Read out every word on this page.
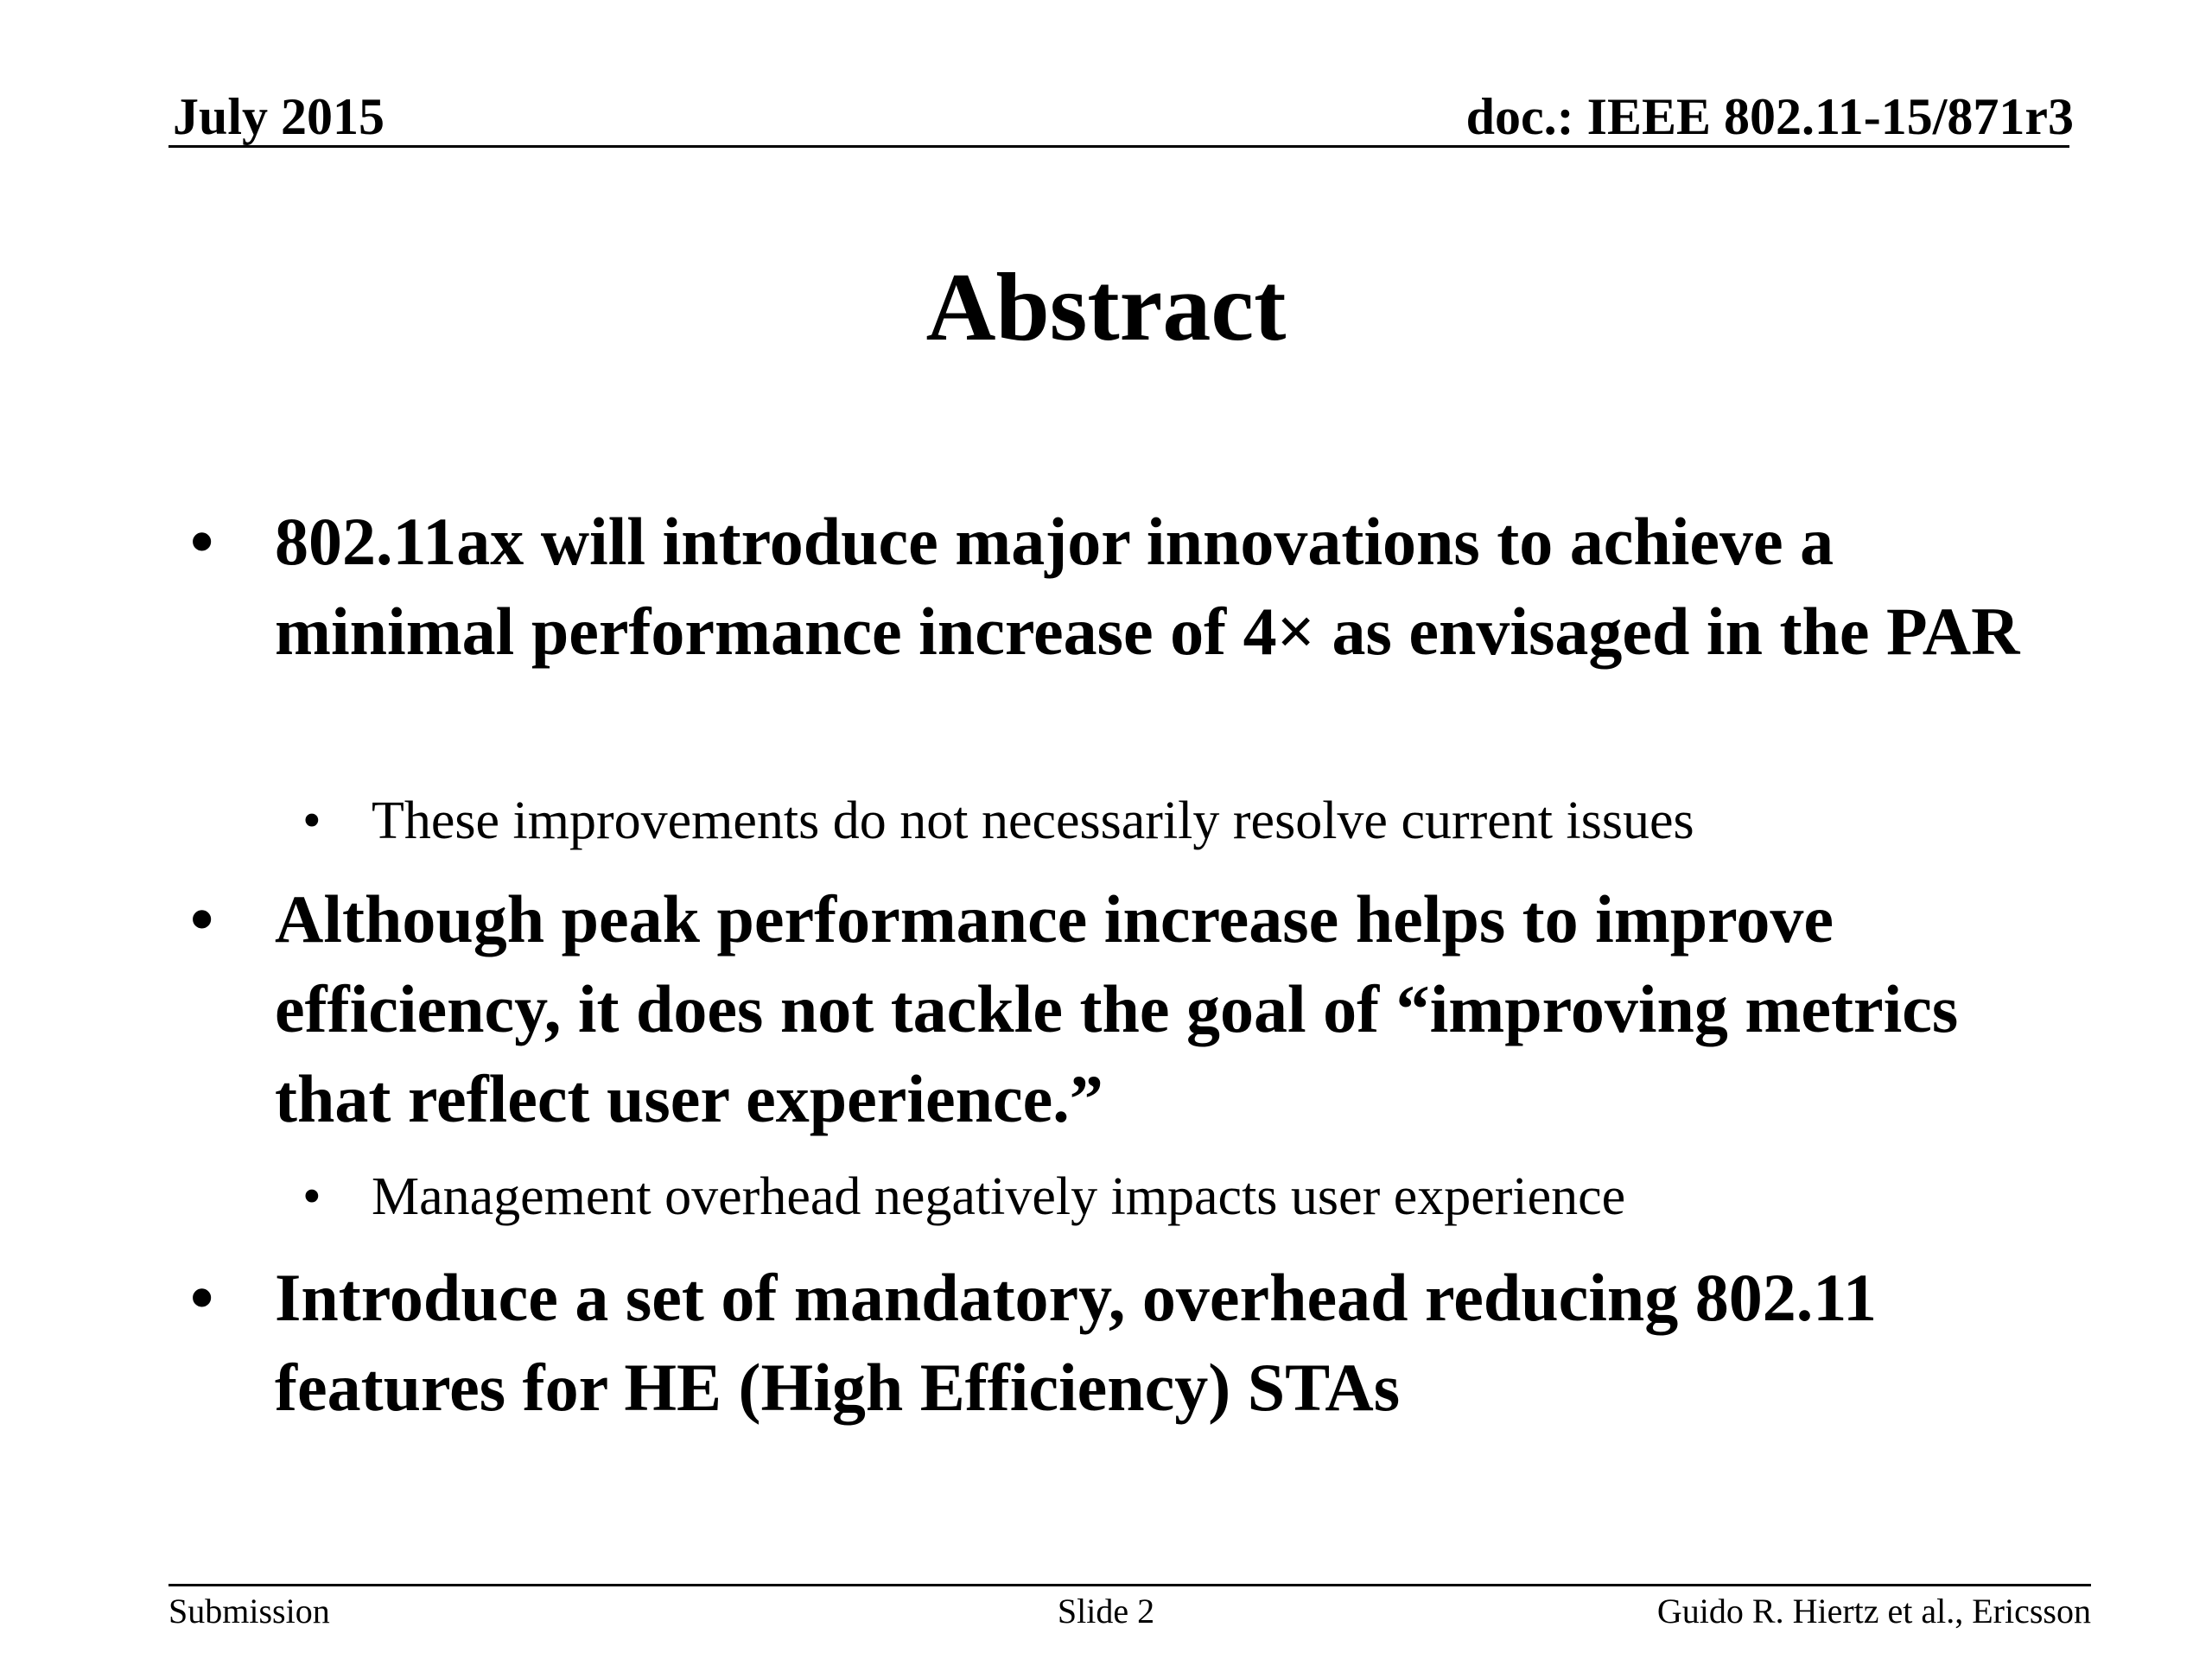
July 2015	doc.: IEEE 802.11-15/871r3
Abstract
• 802.11ax will introduce major innovations to achieve a minimal performance increase of 4× as envisaged in the PAR
• These improvements do not necessarily resolve current issues
• Although peak performance increase helps to improve efficiency, it does not tackle the goal of “improving metrics that reflect user experience.”
• Management overhead negatively impacts user experience
• Introduce a set of mandatory, overhead reducing 802.11 features for HE (High Efficiency) STAs
Submission	Slide 2	Guido R. Hiertz et al., Ericsson
